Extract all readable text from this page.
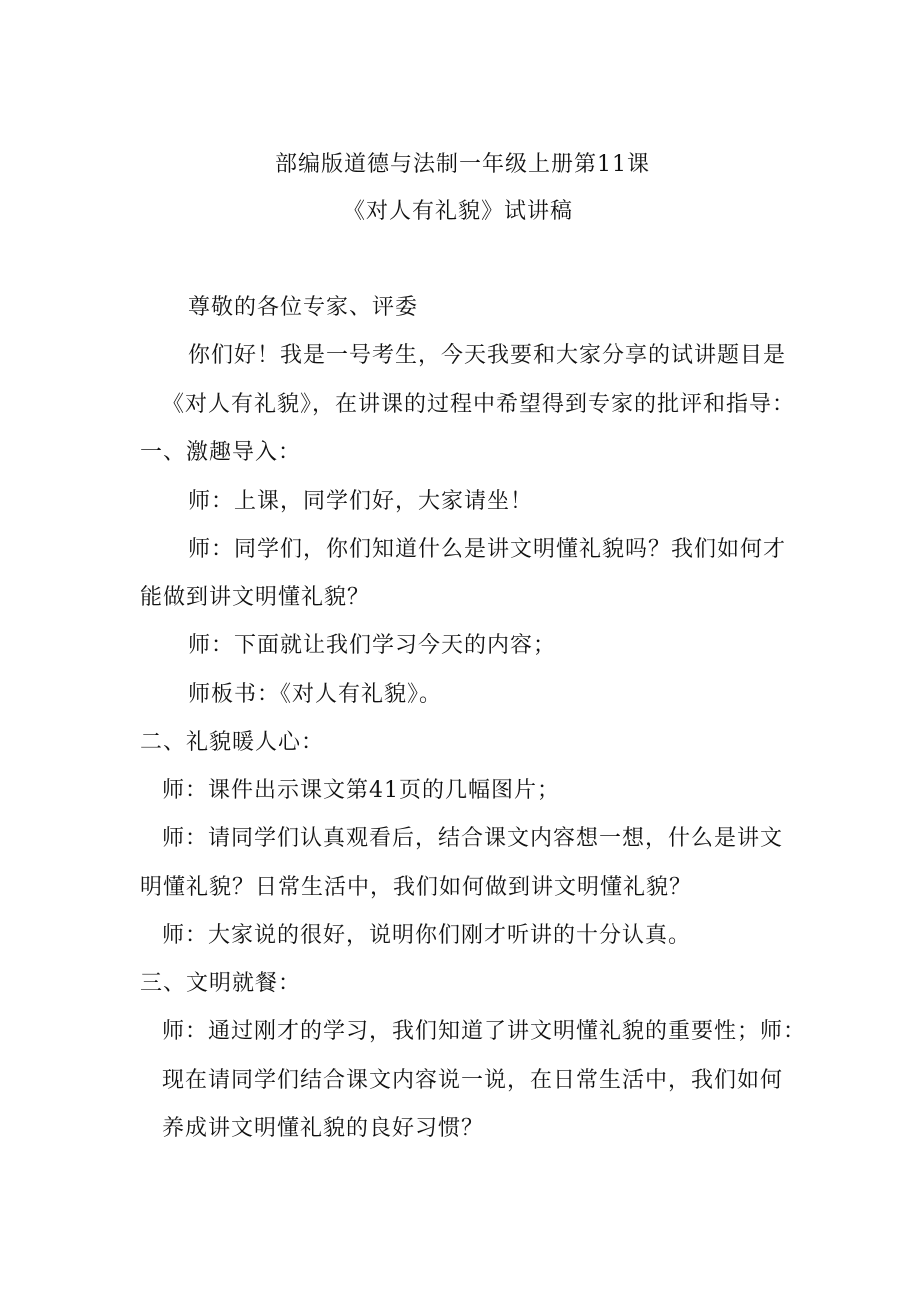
部编版道德与法制一年级上册第11课
《对人有礼貌》试讲稿
尊敬的各位专家、评委
你们好！我是一号考生，今天我要和大家分享的试讲题目是
《对人有礼貌》，在讲课的过程中希望得到专家的批评和指导：
一、激趣导入：
师：上课，同学们好，大家请坐！
师：同学们，你们知道什么是讲文明懂礼貌吗？我们如何才
能做到讲文明懂礼貌？
师：下面就让我们学习今天的内容；
师板书：《对人有礼貌》。
二、礼貌暖人心：
师：课件出示课文第41页的几幅图片；
师：请同学们认真观看后，结合课文内容想一想，什么是讲文
明懂礼貌？日常生活中，我们如何做到讲文明懂礼貌？
师：大家说的很好，说明你们刚才听讲的十分认真。
三、文明就餐：
师：通过刚才的学习，我们知道了讲文明懂礼貌的重要性；师：
现在请同学们结合课文内容说一说，在日常生活中，我们如何
养成讲文明懂礼貌的良好习惯？
